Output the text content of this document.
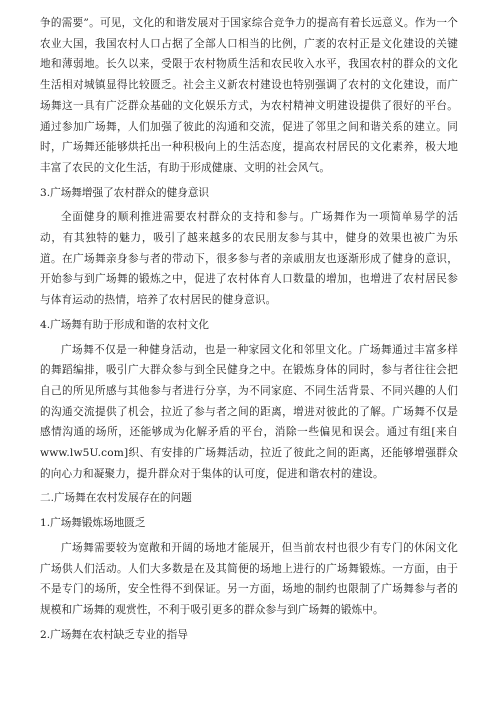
争的需要”。可见，文化的和谐发展对于国家综合竞争力的提高有着长远意义。作为一个农业大国，我国农村人口占据了全部人口相当的比例，广袤的农村正是文化建设的关键地和薄弱地。长久以来，受限于农村物质生活和农民收入水平，我国农村的群众的文化生活相对城镇显得比较匮乏。社会主义新农村建设也特别强调了农村的文化建设，而广场舞这一具有广泛群众基础的文化娱乐方式，为农村精神文明建设提供了很好的平台。通过参加广场舞，人们加强了彼此的沟通和交流，促进了邻里之间和谐关系的建立。同时，广场舞还能够烘托出一种积极向上的生活态度，提高农村居民的文化素养，极大地丰富了农民的文化生活，有助于形成健康、文明的社会风气。

3.广场舞增强了农村群众的健身意识

全面健身的顺利推进需要农村群众的支持和参与。广场舞作为一项简单易学的活动，有其独特的魅力，吸引了越来越多的农民朋友参与其中，健身的效果也被广为乐道。在广场舞亲身参与者的带动下，很多参与者的亲戚朋友也逐渐形成了健身的意识，开始参与到广场舞的锻炼之中，促进了农村体育人口数量的增加，也增进了农村居民参与体育运动的热情，培养了农村居民的健身意识。

4.广场舞有助于形成和谐的农村文化

广场舞不仅是一种健身活动，也是一种家园文化和邻里文化。广场舞通过丰富多样的舞蹈编排，吸引广大群众参与到全民健身之中。在锻炼身体的同时，参与者往往会把自己的所见所感与其他参与者进行分享，为不同家庭、不同生活背景、不同兴趣的人们的沟通交流提供了机会，拉近了参与者之间的距离，增进对彼此的了解。广场舞不仅是感情沟通的场所，还能够成为化解矛盾的平台，消除一些偏见和误会。通过有组[来自www.lw5U.com]织、有安排的广场舞活动，拉近了彼此之间的距离，还能够增强群众的向心力和凝聚力，提升群众对于集体的认可度，促进和谐农村的建设。

二.广场舞在农村发展存在的问题

1.广场舞锻炼场地匮乏

广场舞需要较为宽敞和开阔的场地才能展开，但当前农村也很少有专门的休闲文化广场供人们活动。人们大多数是在及其简便的场地上进行的广场舞锻炼。一方面，由于不是专门的场所，安全性得不到保证。另一方面，场地的制约也限制了广场舞参与者的规模和广场舞的观赏性，不利于吸引更多的群众参与到广场舞的锻炼中。

2.广场舞在农村缺乏专业的指导
